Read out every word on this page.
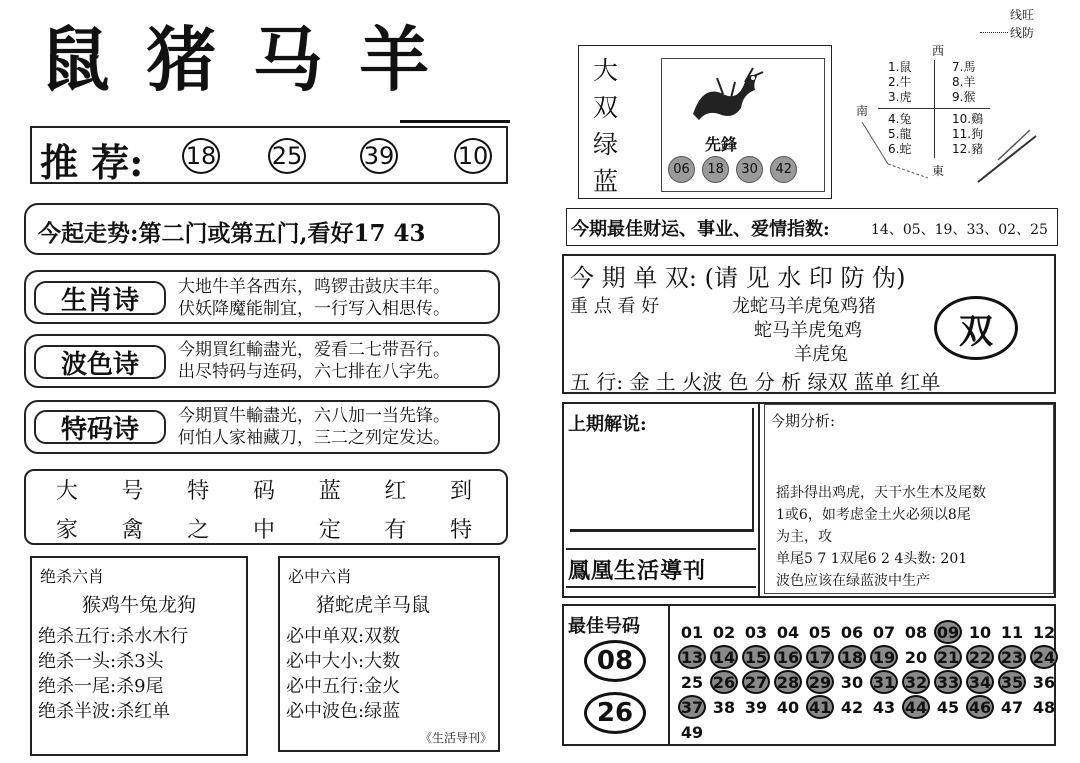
鼠 猪 马 羊
推 荐: 18 25	39	10
今起走势:第二门或第五门,看好17 43
生肖诗	大地牛羊各西东，鸣锣击鼓庆丰年。
伏妖降魔能制宜，一行写入相思传。
波色诗	今期買红輸盡光，爱看二七带吾行。
出尽特码与连码，六七排在八字先。
特码诗	今期買牛輸盡光，六八加一当先锋。
何怕人家袖藏刀，三二之列定发达。
大	号	特	码	蓝	红	到
家	禽	之	中	定	有	特
绝杀六肖
猴鸡牛兔龙狗
绝杀五行:杀水木行
绝杀一头:杀3头
绝杀一尾:杀9尾
绝杀半波:杀红单
必中六肖
猪蛇虎羊马鼠
必中单双:双数
必中大小:大数
必中五行:金火
必中波色:绿蓝
《生活导刊》
线旺
线防
大
双
绿
蓝
先鋒
06 18 30 42
西
南
東
1.鼠
2.牛
3.虎
4.兔
5.龍
6.蛇
7.馬
8.羊
9.猴
10.鷄
11.狗
12.豬
今期最佳财运、事业、爱情指数:	14、05、19、33、02、25
今 期 单 双: (请 见 水 印 防 伪)
重 点 看 好	龙蛇马羊虎兔鸡猪
蛇马羊虎兔鸡
羊虎兔
双
五 行: 金 土 火波 色 分 析 绿双 蓝单 红单
上期解说:
鳳凰生活導刊
今期分析:
摇卦得出鸡虎，天干水生木及尾数
1或6，如考虑金土火必须以8尾
为主，攻
单尾5 7 1双尾6 2 4头数: 201
波色应该在绿蓝波中生产
最佳号码
08
26
01 02 03 04 05 06 07 08 09 10 11 12
13 14 15 16 17 18 19 20 21 22 23 24
25 26 27 28 29 30 31 32 33 34 35 36
37 38 39 40 41 42 43 44 45 46 47 48
49
